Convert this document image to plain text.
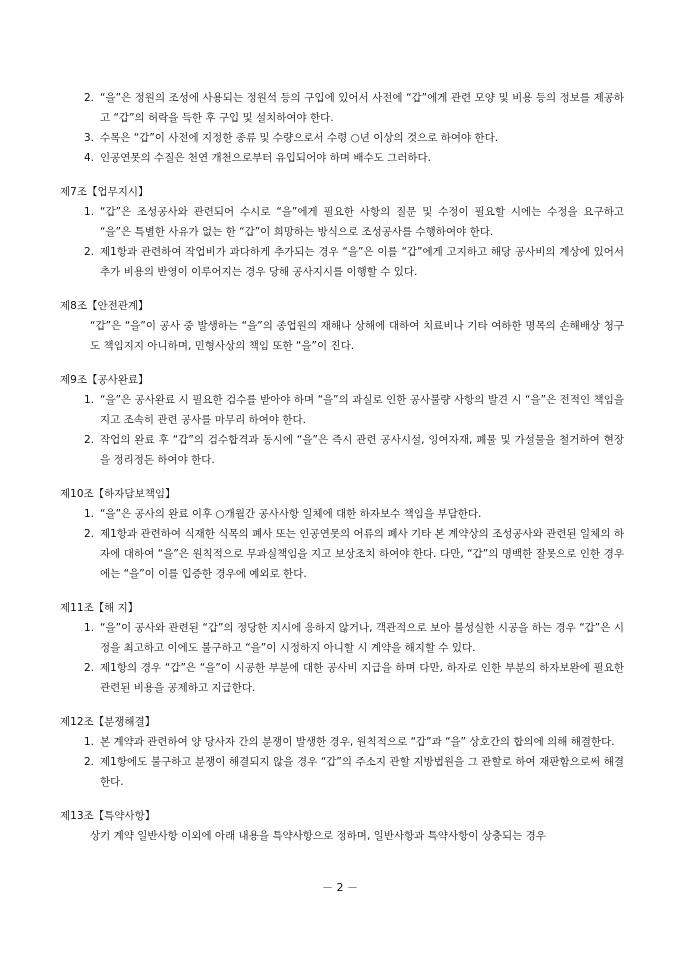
2. “을”은 정원의 조성에 사용되는 정원석 등의 구입에 있어서 사전에 “갑”에게 관련 모양 및 비용 등의 정보를 제공하고 “갑”의 허락을 득한 후 구입 및 설치하여야 한다.
3. 수목은 “갑”이 사전에 지정한 종류 및 수량으로서 수령 ○년 이상의 것으로 하여야 한다.
4. 인공연못의 수질은 천연 개천으로부터 유입되어야 하며 배수도 그러하다.
제7조【업무지시】
1. “갑”은 조성공사와 관련되어 수시로 “을”에게 필요한 사항의 질문 및 수정이 필요할 시에는 수정을 요구하고 “을”은 특별한 사유가 없는 한 “갑”이 희망하는 방식으로 조성공사를 수행하여야 한다.
2. 제1항과 관련하여 작업비가 과다하게 추가되는 경우 “을”은 이를 “갑”에게 고지하고 해당 공사비의 계상에 있어서 추가 비용의 반영이 이루어지는 경우 당해 공사지시를 이행할 수 있다.
제8조【안전관계】
“갑”은 “을”이 공사 중 발생하는 “을”의 종업원의 재해나 상해에 대하여 치료비나 기타 여하한 명목의 손해배상 청구도 책임지지 아니하며, 민형사상의 책임 또한 “을”이 진다.
제9조【공사완료】
1. “을”은 공사완료 시 필요한 검수를 받아야 하며 “을”의 과실로 인한 공사불량 사항의 발견 시 “을”은 전적인 책임을 지고 조속히 관련 공사를 마무리 하여야 한다.
2. 작업의 완료 후 “갑”의 검수합격과 동시에 “을”은 즉시 관련 공사시설, 잉여자재, 폐물 및 가설물을 철거하여 현장을 정리정돈 하여야 한다.
제10조【하자담보책임】
1. “을”은 공사의 완료 이후 ○개월간 공사사항 일체에 대한 하자보수 책임을 부담한다.
2. 제1항과 관련하여 식재한 식목의 폐사 또는 인공연못의 어류의 폐사 기타 본 계약상의 조성공사와 관련된 일체의 하자에 대하여 “을”은 원칙적으로 무과실책임을 지고 보상조치 하여야 한다. 다만, “갑”의 명백한 잘못으로 인한 경우에는 “을”이 이를 입증한 경우에 예외로 한다.
제11조【해 지】
1. “을”이 공사와 관련된 “갑”의 정당한 지시에 응하지 않거나, 객관적으로 보아 불성실한 시공을 하는 경우 “갑”은 시정을 최고하고 이에도 불구하고 “을”이 시정하지 아니할 시 계약을 해지할 수 있다.
2. 제1항의 경우 “갑”은 “을”이 시공한 부분에 대한 공사비 지급을 하며 다만, 하자로 인한 부분의 하자보완에 필요한 관련된 비용을 공제하고 지급한다.
제12조【분쟁해결】
1. 본 계약과 관련하여 양 당사자 간의 분쟁이 발생한 경우, 원칙적으로 “갑”과 “을” 상호간의 합의에 의해 해결한다.
2. 제1항에도 불구하고 분쟁이 해결되지 않을 경우 “갑”의 주소지 관할 지방법원을 그 관할로 하여 재판함으로써 해결한다.
제13조【특약사항】
상기 계약 일반사항 이외에 아래 내용을 특약사항으로 정하며, 일반사항과 특약사항이 상충되는 경우
－ 2 －
